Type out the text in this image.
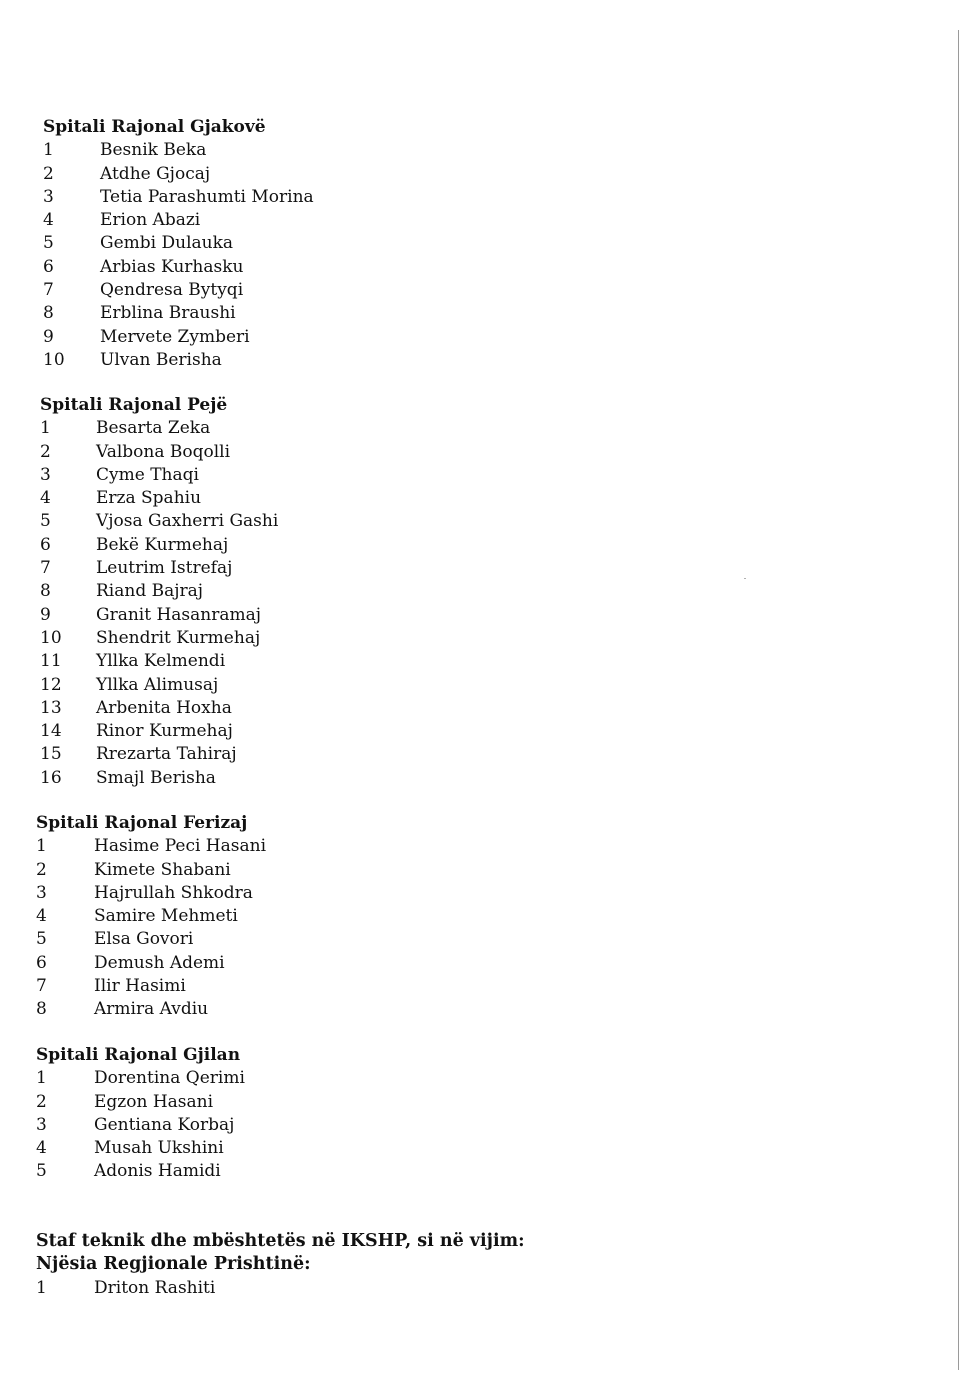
Spitali Rajonal Gjakovë
1	Besnik Beka
2	Atdhe Gjocaj
3	Tetia Parashumti Morina
4	Erion Abazi
5	Gembi Dulauka
6	Arbias Kurhasku
7	Qendresa Bytyqi
8	Erblina Braushi
9	Mervete Zymberi
10 Ulvan Berisha
Spitali Rajonal Pejë
1	Besarta Zeka
2	Valbona Boqolli
3	Cyme Thaqi
4	Erza Spahiu
5	Vjosa Gaxherri Gashi
6	Bekë Kurmehaj
7	Leutrim Istrefaj
8	Riand Bajraj
9	Granit Hasanramaj
10 Shendrit Kurmehaj
11 Yllka Kelmendi
12 Yllka Alimusaj
13 Arbenita Hoxha
14 Rinor Kurmehaj
15 Rrezarta Tahiraj
16 Smajl Berisha
Spitali Rajonal Ferizaj
1	Hasime Peci Hasani
2	Kimete Shabani
3	Hajrullah Shkodra
4	Samire Mehmeti
5	Elsa Govori
6	Demush Ademi
7	Ilir Hasimi
8	Armira Avdiu
Spitali Rajonal Gjilan
1	Dorentina Qerimi
2	Egzon Hasani
3	Gentiana Korbaj
4	Musah Ukshini
5	Adonis Hamidi
Staf teknik dhe mbështetës në IKSHP, si në vijim:
Njësia Regjionale Prishtinë:
1	Driton Rashiti
